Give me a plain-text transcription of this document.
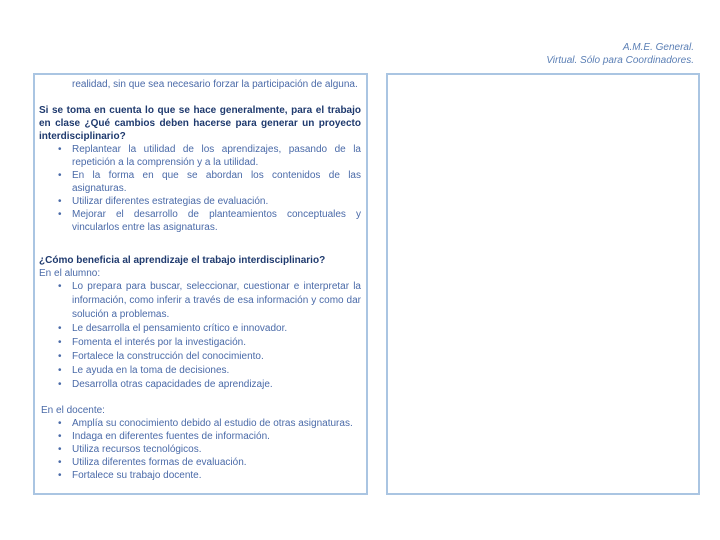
A.M.E. General.
Virtual. Sólo para Coordinadores.
realidad, sin que sea necesario forzar la participación de alguna.
Si se toma en cuenta lo que se hace generalmente, para el trabajo en clase ¿Qué cambios deben hacerse para generar un proyecto interdisciplinario?
• Replantear la utilidad de los aprendizajes, pasando de la repetición a la comprensión y a la utilidad.
• En la forma en que se abordan los contenidos de las asignaturas.
• Utilizar diferentes estrategias de evaluación.
• Mejorar el desarrollo de planteamientos conceptuales y vincularlos entre las asignaturas.
¿Cómo beneficia al aprendizaje el trabajo interdisciplinario?
En el alumno:
• Lo prepara para buscar, seleccionar, cuestionar e interpretar la información, como inferir a través de esa información y como dar solución a problemas.
• Le desarrolla el pensamiento crítico e innovador.
• Fomenta el interés por la investigación.
• Fortalece la construcción del conocimiento.
• Le ayuda en la toma de decisiones.
• Desarrolla otras capacidades de aprendizaje.
En el docente:
• Amplía su conocimiento debido al estudio de otras asignaturas.
• Indaga en diferentes fuentes de información.
• Utiliza recursos tecnológicos.
• Utiliza diferentes formas de evaluación.
• Fortalece su trabajo docente.
